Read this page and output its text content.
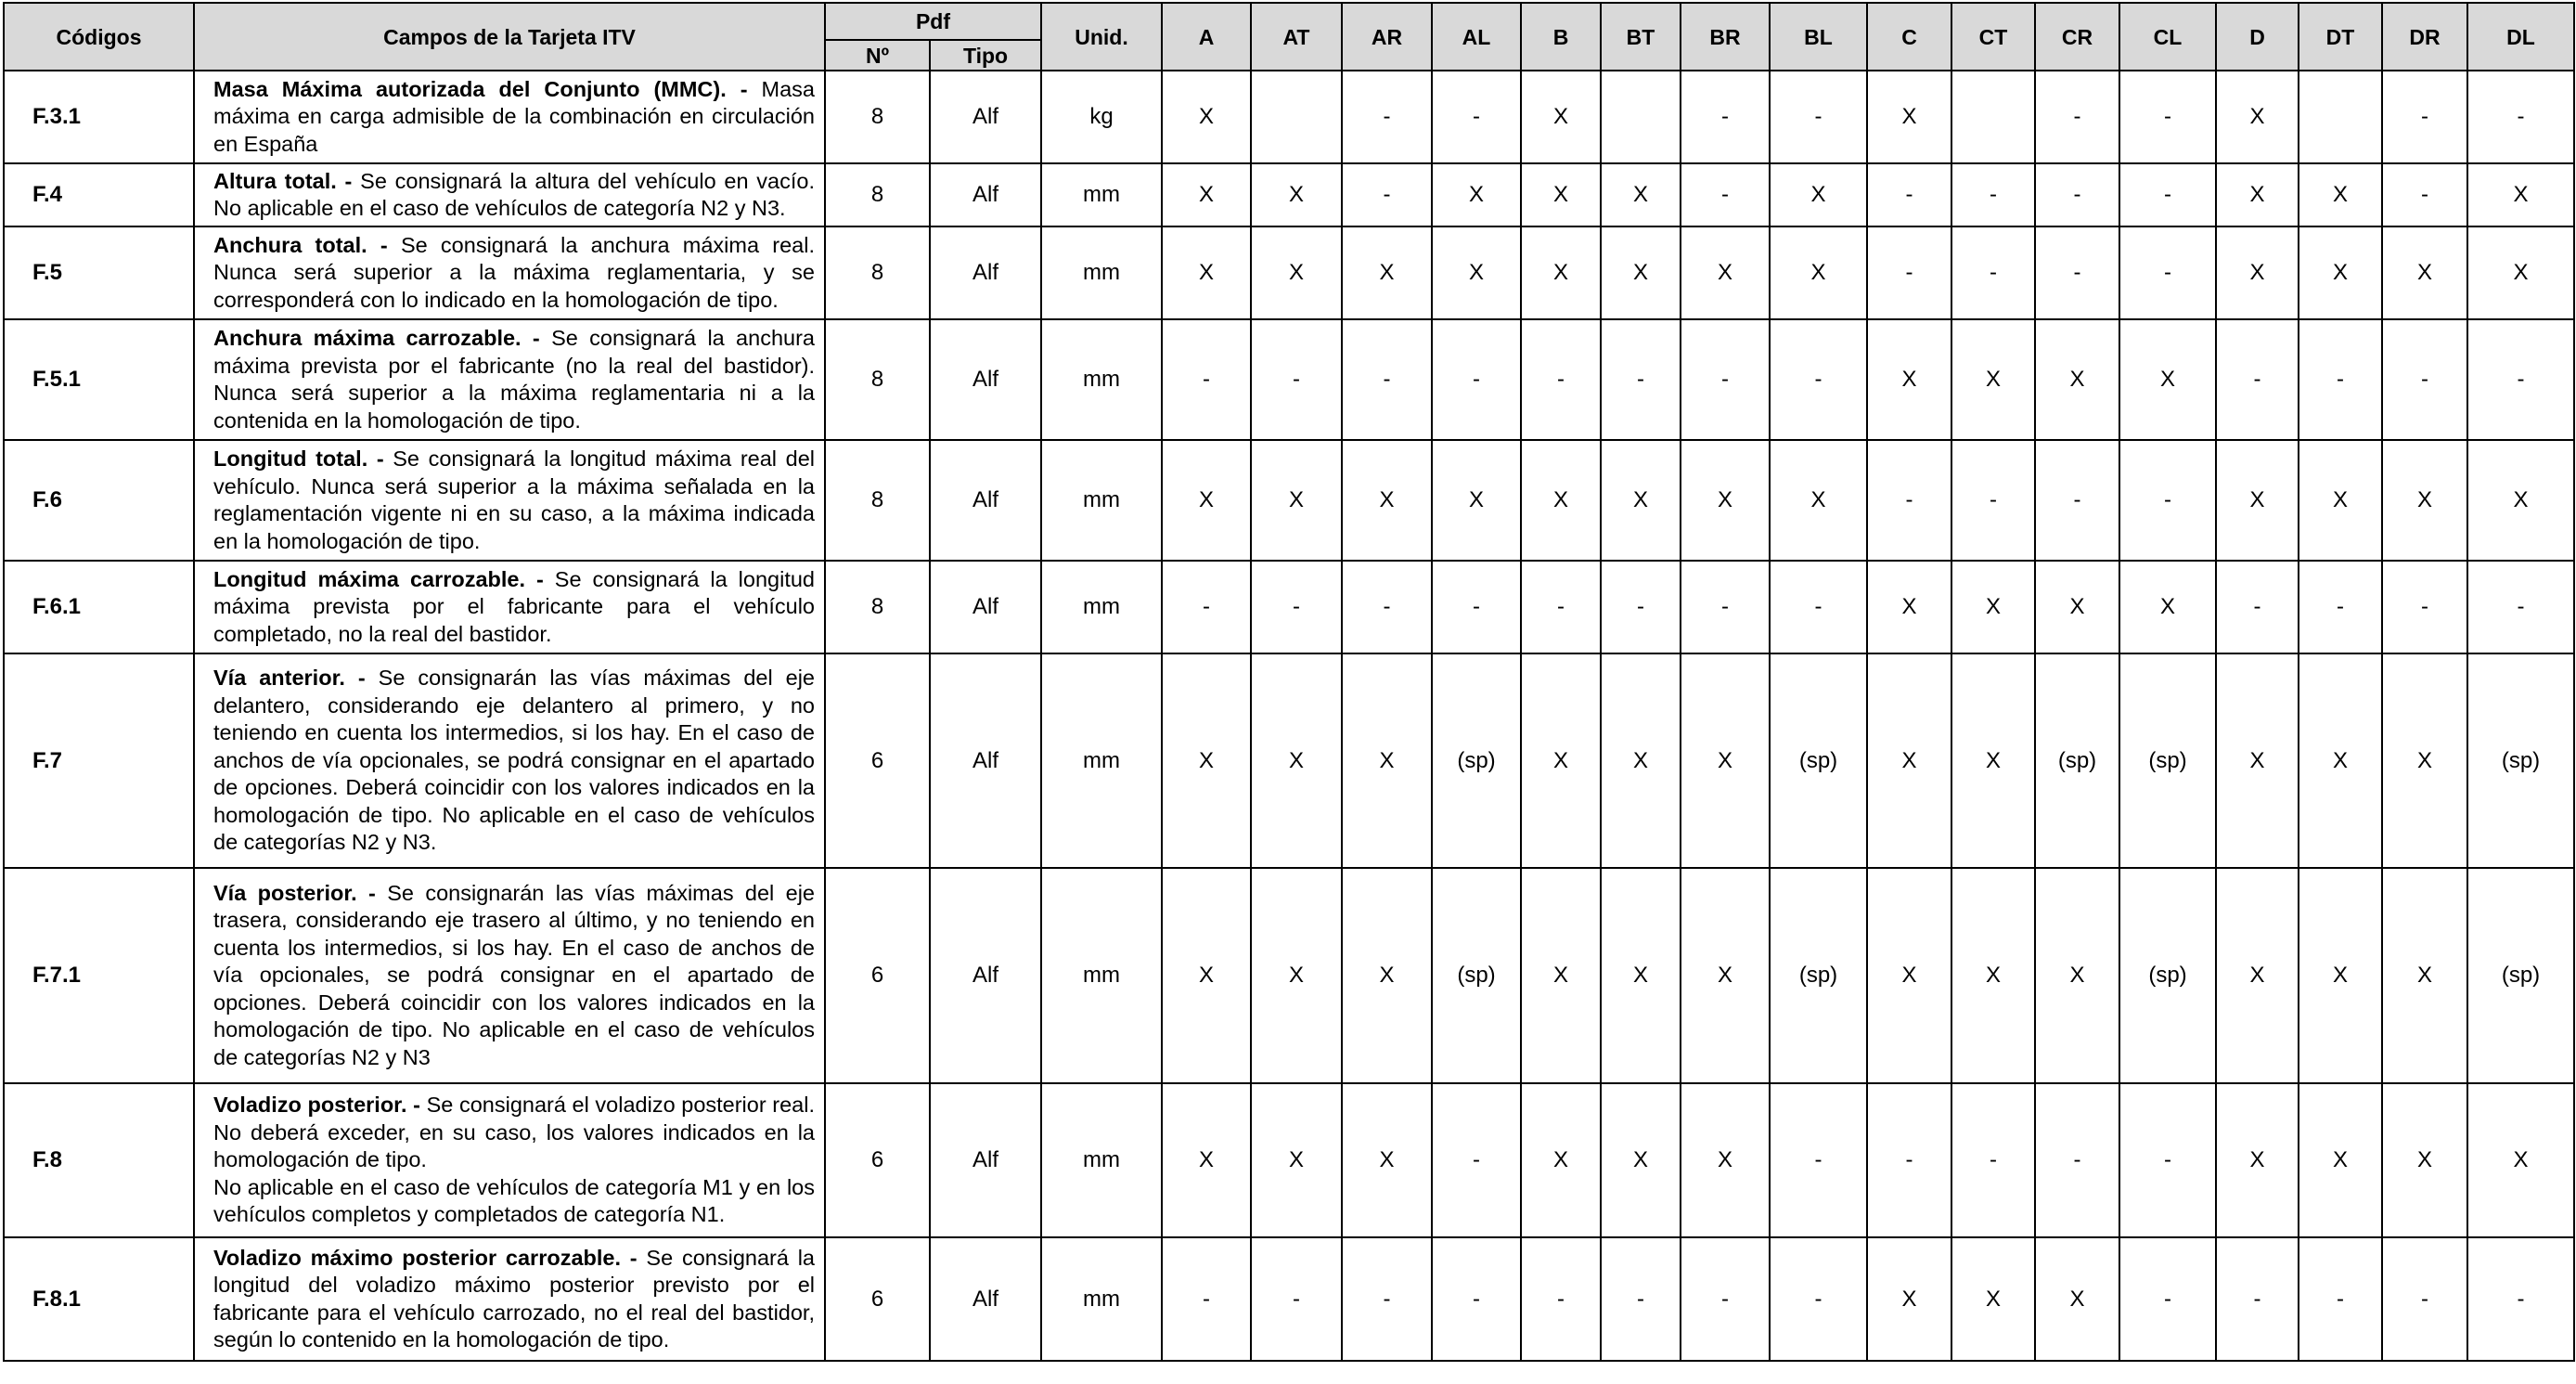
Códigos	Campos de la Tarjeta ITV	Pdf		Unid.	A	AT	AR	AL	B	BT	BR	BL	C	CT	CR	CL	D	DT	DR	DL
		Nº	Tipo																	
F.3.1	Masa Máxima autorizada del Conjunto (MMC). - Masa máxima en carga admisible de la combinación en circulación en España	8	Alf	kg	X		-	-	X		-	-	X		-	-	X		-	-
F.4	Altura total. - Se consignará la altura del vehículo en vacío. No aplicable en el caso de vehículos de categoría N2 y N3.	8	Alf	mm	X	X	-	X	X	X	-	X	-	-	-	-	X	X	-	X
F.5	Anchura total. - Se consignará la anchura máxima real. Nunca será superior a la máxima reglamentaria, y se corresponderá con lo indicado en la homologación de tipo.	8	Alf	mm	X	X	X	X	X	X	X	X	-	-	-	-	X	X	X	X
F.5.1	Anchura máxima carrozable. - Se consignará la anchura máxima prevista por el fabricante (no la real del bastidor). Nunca será superior a la máxima reglamentaria ni a la contenida en la homologación de tipo.	8	Alf	mm	-	-	-	-	-	-	-	-	X	X	X	X	-	-	-	-
F.6	Longitud total. - Se consignará la longitud máxima real del vehículo. Nunca será superior a la máxima señalada en la reglamentación vigente ni en su caso, a la máxima indicada en la homologación de tipo.	8	Alf	mm	X	X	X	X	X	X	X	X	-	-	-	-	X	X	X	X
F.6.1	Longitud máxima carrozable. - Se consignará la longitud máxima prevista por el fabricante para el vehículo completado, no la real del bastidor.	8	Alf	mm	-	-	-	-	-	-	-	-	X	X	X	X	-	-	-	-
F.7	Vía anterior. - Se consignarán las vías máximas del eje delantero, considerando eje delantero al primero, y no teniendo en cuenta los intermedios, si los hay. En el caso de anchos de vía opcionales, se podrá consignar en el apartado de opciones. Deberá coincidir con los valores indicados en la homologación de tipo. No aplicable en el caso de vehículos de categorías N2 y N3.	6	Alf	mm	X	X	X	(sp)	X	X	X	(sp)	X	X	(sp)	(sp)	X	X	X	(sp)
F.7.1	Vía posterior. - Se consignarán las vías máximas del eje trasera, considerando eje trasero al último, y no teniendo en cuenta los intermedios, si los hay. En el caso de anchos de vía opcionales, se podrá consignar en el apartado de opciones. Deberá coincidir con los valores indicados en la homologación de tipo. No aplicable en el caso de vehículos de categorías N2 y N3	6	Alf	mm	X	X	X	(sp)	X	X	X	(sp)	X	X	X	(sp)	X	X	X	(sp)
F.8	Voladizo posterior. - Se consignará el voladizo posterior real. No deberá exceder, en su caso, los valores indicados en la homologación de tipo.
No aplicable en el caso de vehículos de categoría M1 y en los vehículos completos y completados de categoría N1.	6	Alf	mm	X	X	X	-	X	X	X	-	-	-	-	-	X	X	X	X
F.8.1	Voladizo máximo posterior carrozable. - Se consignará la longitud del voladizo máximo posterior previsto por el fabricante para el vehículo carrozado, no el real del bastidor, según lo contenido en la homologación de tipo.	6	Alf	mm	-	-	-	-	-	-	-	-	X	X	X	-	-	-	-	-
